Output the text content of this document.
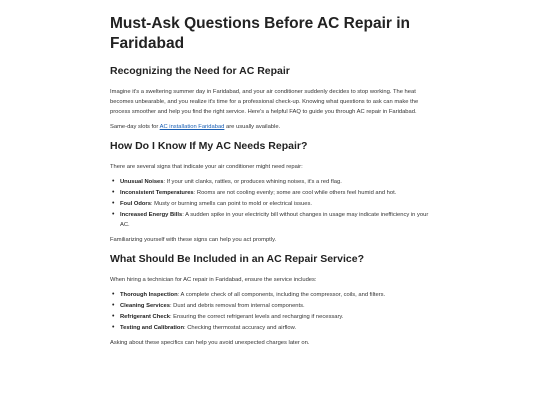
Must-Ask Questions Before AC Repair in Faridabad
Recognizing the Need for AC Repair

Imagine it's a sweltering summer day in Faridabad, and your air conditioner suddenly decides to stop working. The heat becomes unbearable, and you realize it's time for a professional check-up. Knowing what questions to ask can make the process smoother and help you find the right service. Here's a helpful FAQ to guide you through AC repair in Faridabad.

Same-day slots for AC installation Faridabad are usually available.

How Do I Know If My AC Needs Repair?

There are several signs that indicate your air conditioner might need repair:

• Unusual Noises: If your unit clanks, rattles, or produces whining noises, it's a red flag.
• Inconsistent Temperatures: Rooms are not cooling evenly; some are cool while others feel humid and hot.
• Foul Odors: Musty or burning smells can point to mold or electrical issues.
• Increased Energy Bills: A sudden spike in your electricity bill without changes in usage may indicate inefficiency in your AC.

Familiarizing yourself with these signs can help you act promptly.

What Should Be Included in an AC Repair Service?

When hiring a technician for AC repair in Faridabad, ensure the service includes:

• Thorough Inspection: A complete check of all components, including the compressor, coils, and filters.
• Cleaning Services: Dust and debris removal from internal components.
• Refrigerant Check: Ensuring the correct refrigerant levels and recharging if necessary.
• Testing and Calibration: Checking thermostat accuracy and airflow.

Asking about these specifics can help you avoid unexpected charges later on.
